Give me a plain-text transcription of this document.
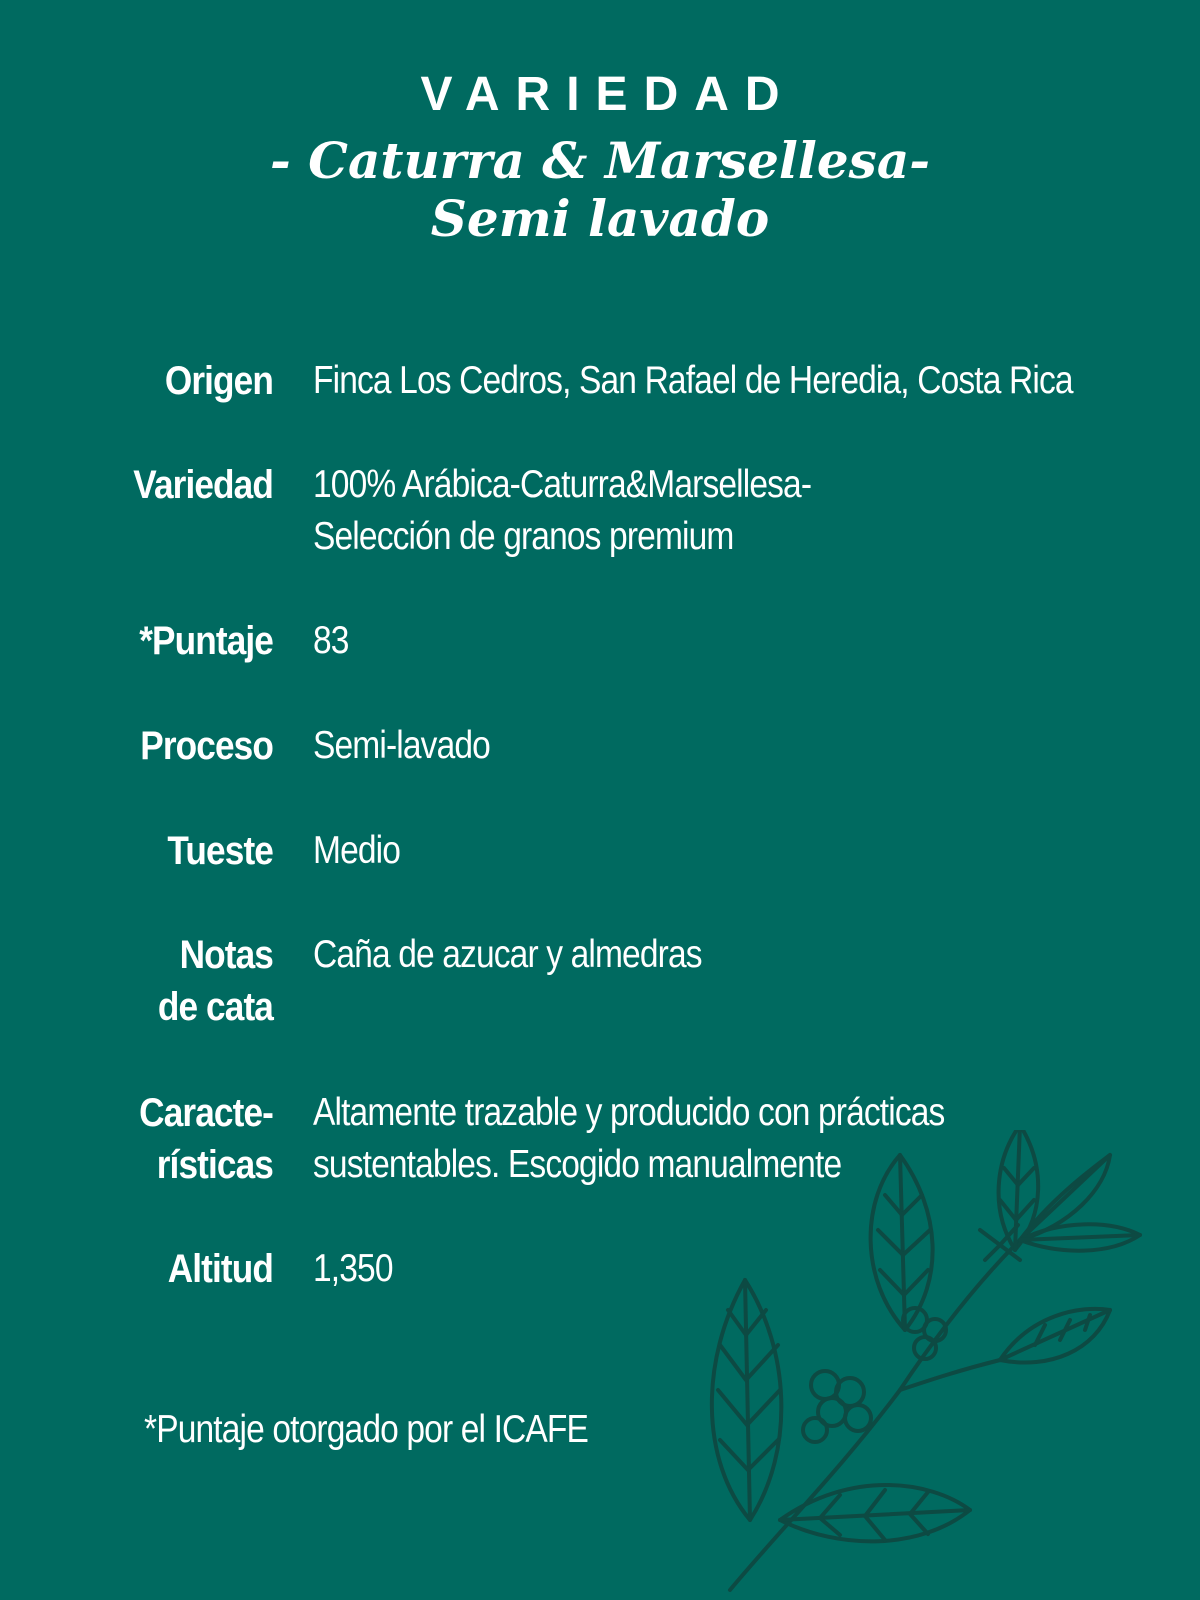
VARIEDAD
- Caturra & Marsellesa-
Semi lavado
Origen Finca Los Cedros, San Rafael de Heredia, Costa Rica
Variedad 100% Arábica-Caturra&Marsellesa-
Selección de granos premium
*Puntaje 83
Proceso Semi-lavado
Tueste Medio
Notas
de cata
Caña de azucar y almedras
Caracte-
rísticas
Altamente trazable y producido con prácticas
sustentables. Escogido manualmente
Altitud 1,350
*Puntaje otorgado por el ICAFE
